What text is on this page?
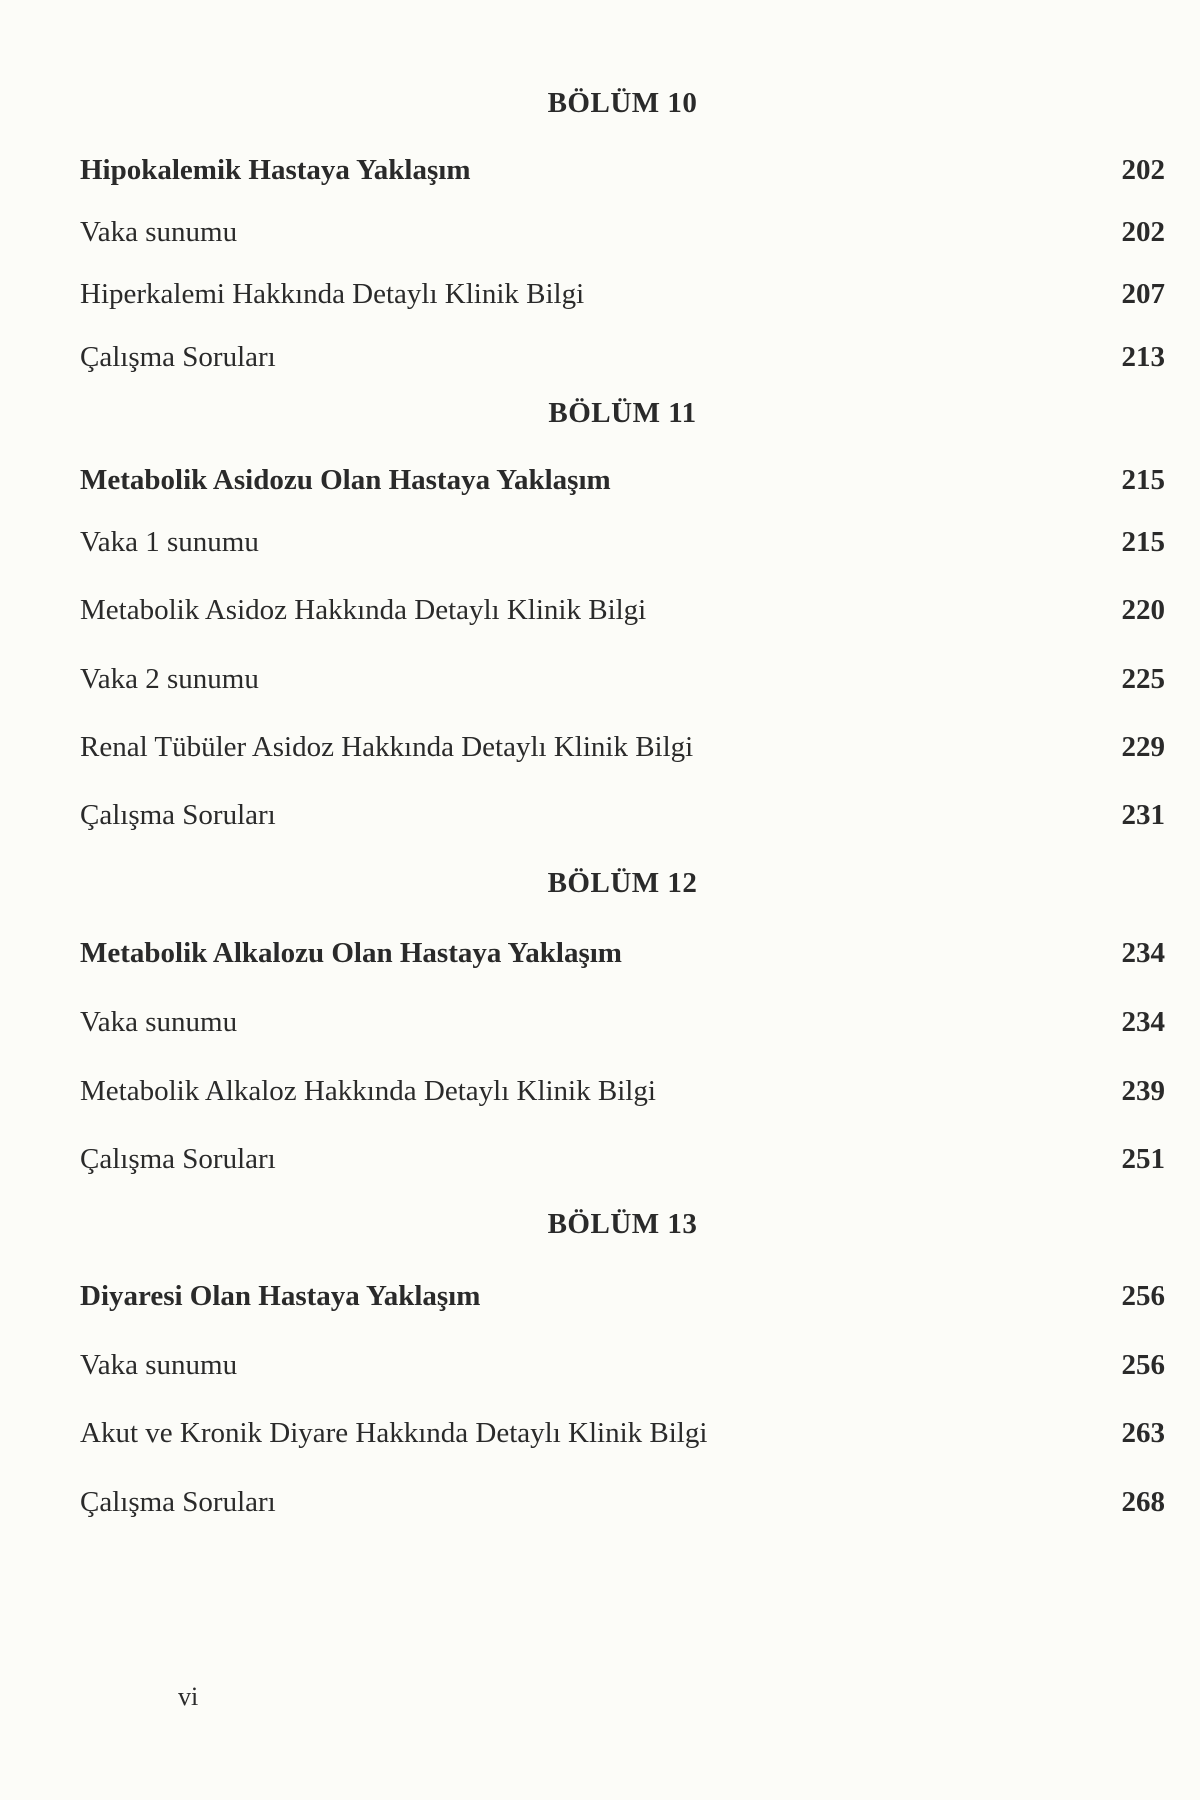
BÖLÜM 10
Hipokalemik Hastaya Yaklaşım	202
Vaka sunumu	202
Hiperkalemi Hakkında Detaylı Klinik Bilgi	207
Çalışma Soruları	213
BÖLÜM 11
Metabolik Asidozu Olan Hastaya Yaklaşım	215
Vaka 1 sunumu	215
Metabolik Asidoz Hakkında Detaylı Klinik Bilgi	220
Vaka 2 sunumu	225
Renal Tübüler Asidoz Hakkında Detaylı Klinik Bilgi	229
Çalışma Soruları	231
BÖLÜM 12
Metabolik Alkalozu Olan Hastaya Yaklaşım	234
Vaka sunumu	234
Metabolik Alkaloz Hakkında Detaylı Klinik Bilgi	239
Çalışma Soruları	251
BÖLÜM 13
Diyaresi Olan Hastaya Yaklaşım	256
Vaka sunumu	256
Akut ve Kronik Diyare Hakkında Detaylı Klinik Bilgi	263
Çalışma Soruları	268
vi
